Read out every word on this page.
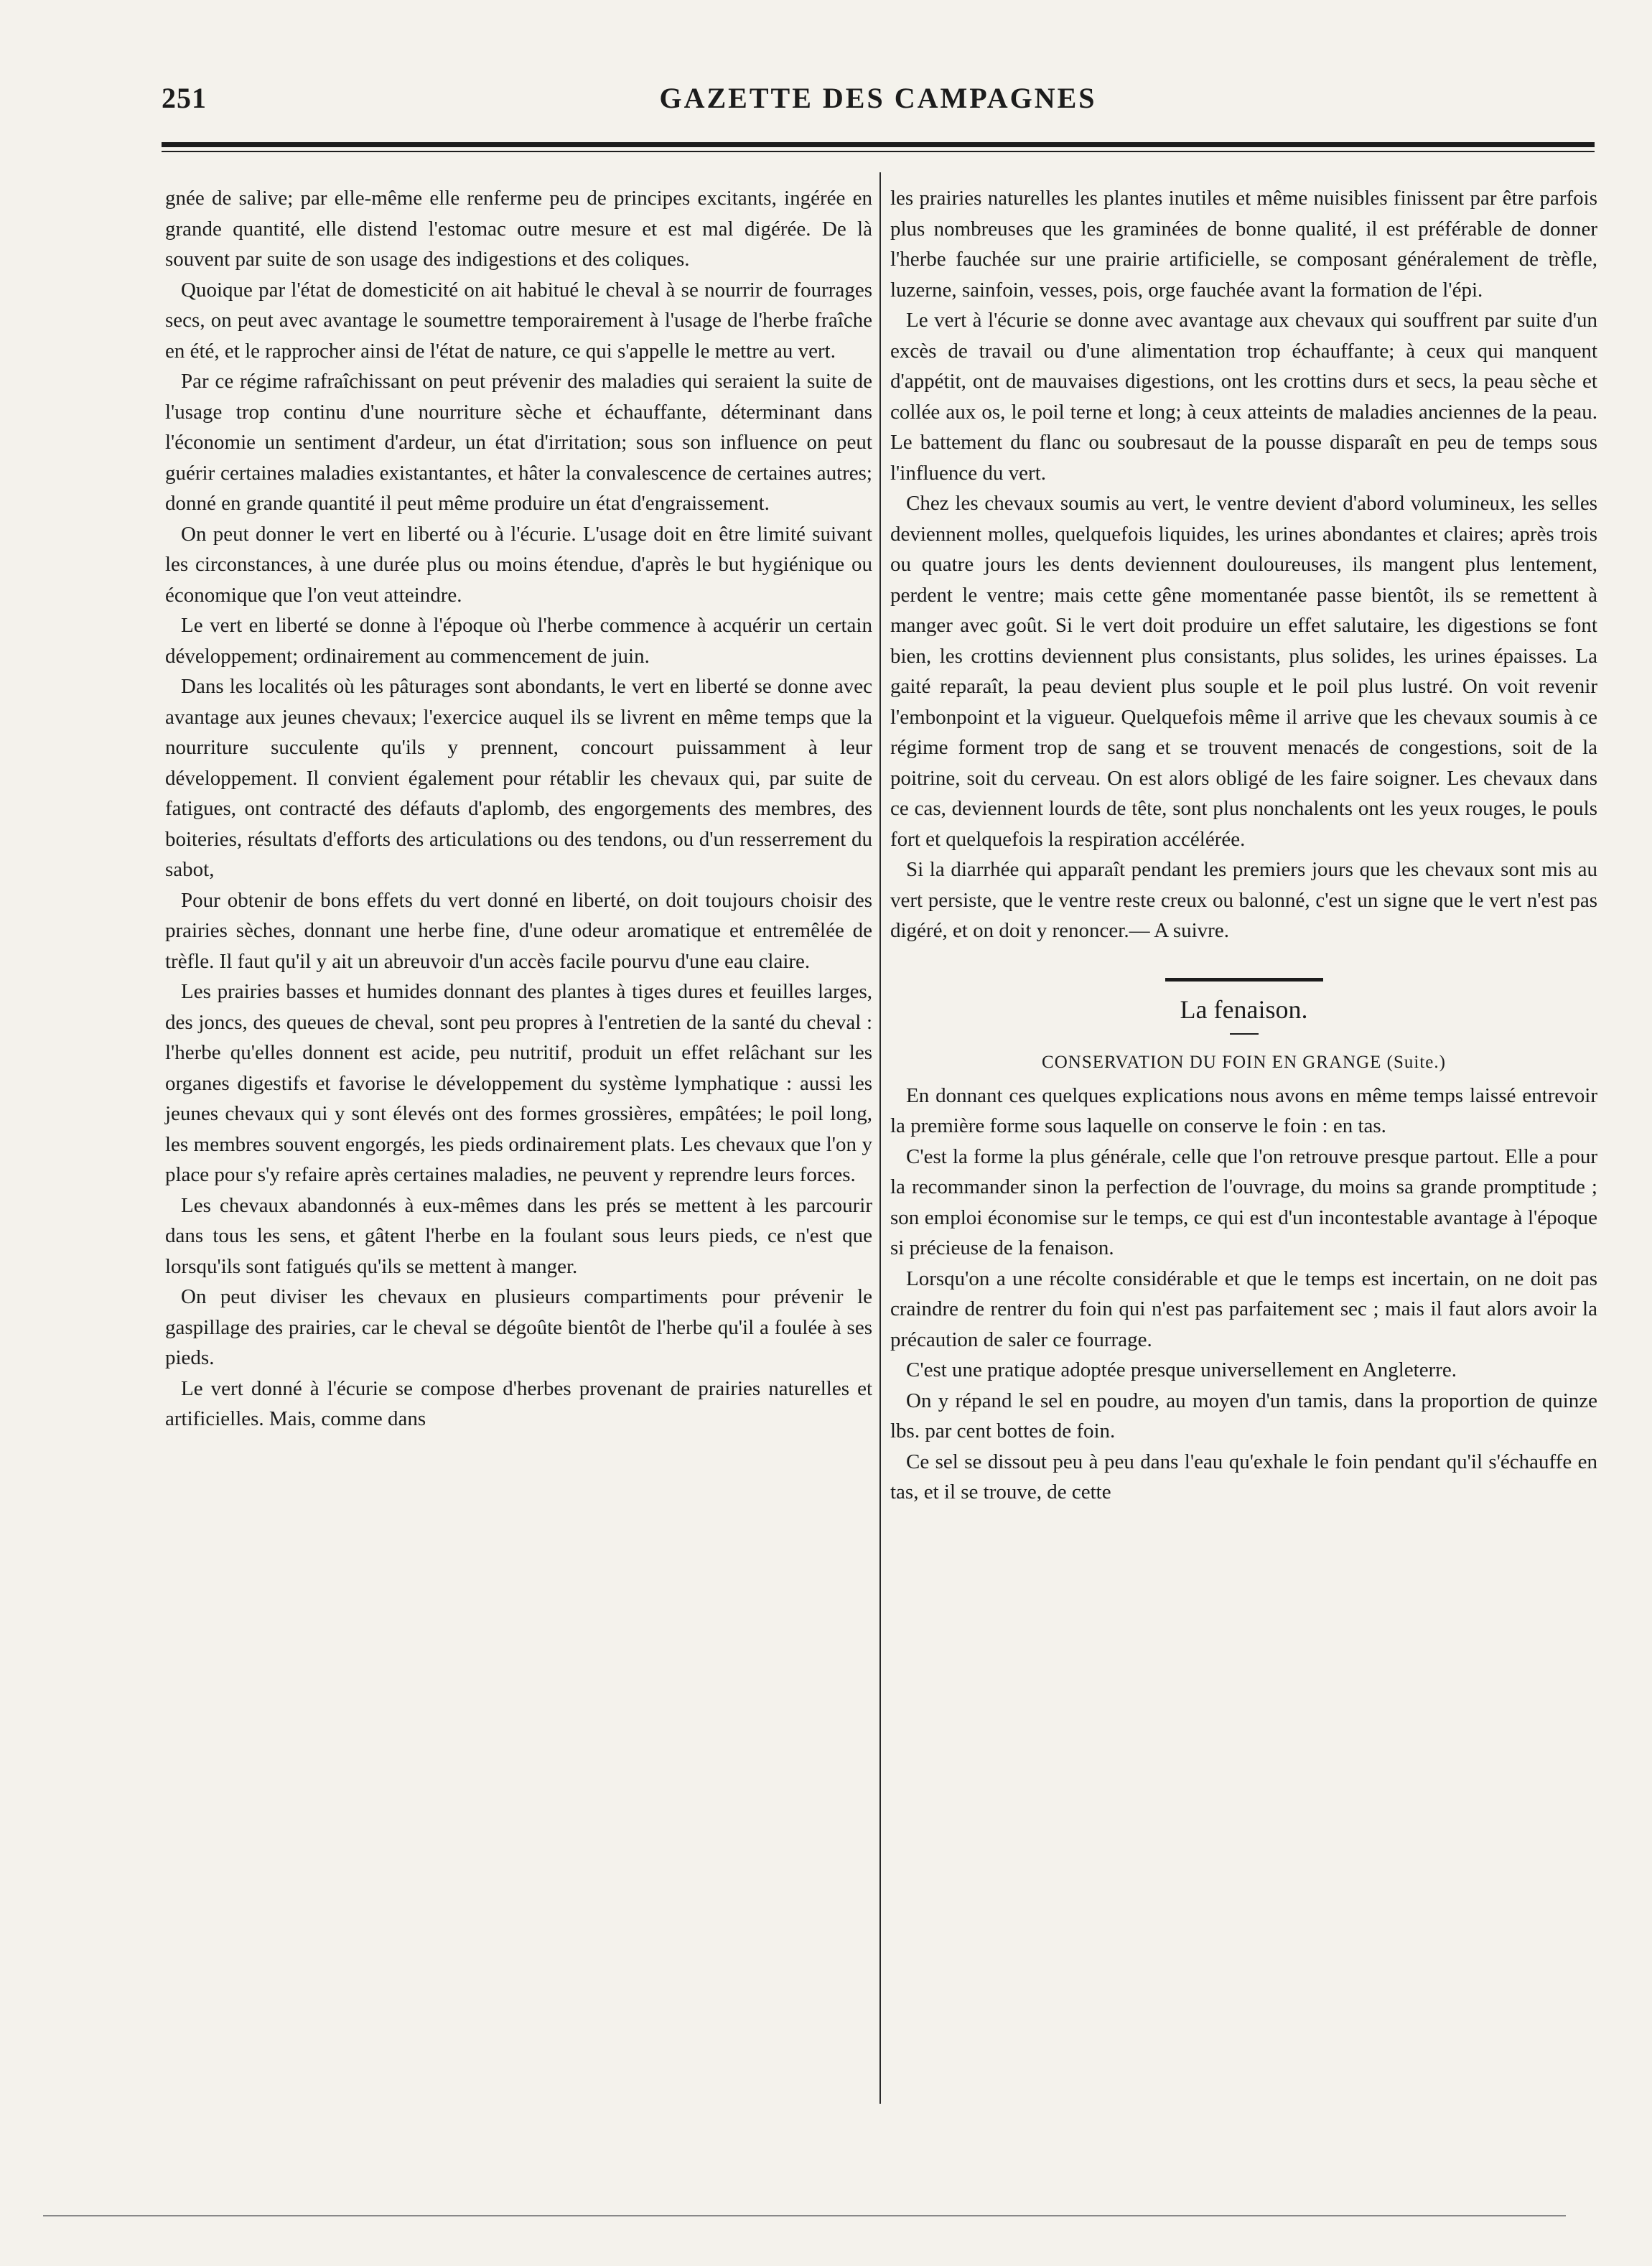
251	GAZETTE DES CAMPAGNES

gnée de salive; par elle-même elle renferme peu de principes excitants, ingérée en grande quantité, elle distend l'estomac outre mesure et est mal digérée. De là souvent par suite de son usage des indigestions et des coliques.

Quoique par l'état de domesticité on ait habitué le cheval à se nourrir de fourrages secs, on peut avec avantage le soumettre temporairement à l'usage de l'herbe fraîche en été, et le rapprocher ainsi de l'état de nature, ce qui s'appelle le mettre au vert.

Par ce régime rafraîchissant on peut prévenir des maladies qui seraient la suite de l'usage trop continu d'une nourriture sèche et échauffante, déterminant dans l'économie un sentiment d'ardeur, un état d'irritation; sous son influence on peut guérir certaines maladies existantantes, et hâter la convalescence de certaines autres; donné en grande quantité il peut même produire un état d'engraissement.

On peut donner le vert en liberté ou à l'écurie. L'usage doit en être limité suivant les circonstances, à une durée plus ou moins étendue, d'après le but hygiénique ou économique que l'on veut atteindre.

Le vert en liberté se donne à l'époque où l'herbe commence à acquérir un certain développement; ordinairement au commencement de juin.

Dans les localités où les pâturages sont abondants, le vert en liberté se donne avec avantage aux jeunes chevaux; l'exercice auquel ils se livrent en même temps que la nourriture succulente qu'ils y prennent, concourt puissamment à leur développement. Il convient également pour rétablir les chevaux qui, par suite de fatigues, ont contracté des défauts d'aplomb, des engorgements des membres, des boiteries, résultats d'efforts des articulations ou des tendons, ou d'un resserrement du sabot,

Pour obtenir de bons effets du vert donné en liberté, on doit toujours choisir des prairies sèches, donnant une herbe fine, d'une odeur aromatique et entremêlée de trèfle. Il faut qu'il y ait un abreuvoir d'un accès facile pourvu d'une eau claire.

Les prairies basses et humides donnant des plantes à tiges dures et feuilles larges, des joncs, des queues de cheval, sont peu propres à l'entretien de la santé du cheval : l'herbe qu'elles donnent est acide, peu nutritif, produit un effet relâchant sur les organes digestifs et favorise le développement du système lymphatique : aussi les jeunes chevaux qui y sont élevés ont des formes grossières, empâtées; le poil long, les membres souvent engorgés, les pieds ordinairement plats. Les chevaux que l'on y place pour s'y refaire après certaines maladies, ne peuvent y reprendre leurs forces.

Les chevaux abandonnés à eux-mêmes dans les prés se mettent à les parcourir dans tous les sens, et gâtent l'herbe en la foulant sous leurs pieds, ce n'est que lorsqu'ils sont fatigués qu'ils se mettent à manger.

On peut diviser les chevaux en plusieurs compartiments pour prévenir le gaspillage des prairies, car le cheval se dégoûte bientôt de l'herbe qu'il a foulée à ses pieds.

Le vert donné à l'écurie se compose d'herbes provenant de prairies naturelles et artificielles. Mais, comme dans

les prairies naturelles les plantes inutiles et même nuisibles finissent par être parfois plus nombreuses que les graminées de bonne qualité, il est préférable de donner l'herbe fauchée sur une prairie artificielle, se composant généralement de trèfle, luzerne, sainfoin, vesses, pois, orge fauchée avant la formation de l'épi.

Le vert à l'écurie se donne avec avantage aux chevaux qui souffrent par suite d'un excès de travail ou d'une alimentation trop échauffante; à ceux qui manquent d'appétit, ont de mauvaises digestions, ont les crottins durs et secs, la peau sèche et collée aux os, le poil terne et long; à ceux atteints de maladies anciennes de la peau. Le battement du flanc ou soubresaut de la pousse disparaît en peu de temps sous l'influence du vert.

Chez les chevaux soumis au vert, le ventre devient d'abord volumineux, les selles deviennent molles, quelquefois liquides, les urines abondantes et claires; après trois ou quatre jours les dents deviennent douloureuses, ils mangent plus lentement, perdent le ventre; mais cette gêne momentanée passe bientôt, ils se remettent à manger avec goût. Si le vert doit produire un effet salutaire, les digestions se font bien, les crottins deviennent plus consistants, plus solides, les urines épaisses. La gaité reparaît, la peau devient plus souple et le poil plus lustré. On voit revenir l'embonpoint et la vigueur. Quelquefois même il arrive que les chevaux soumis à ce régime forment trop de sang et se trouvent menacés de congestions, soit de la poitrine, soit du cerveau. On est alors obligé de les faire soigner. Les chevaux dans ce cas, deviennent lourds de tête, sont plus nonchalents ont les yeux rouges, le pouls fort et quelquefois la respiration accélérée.

Si la diarrhée qui apparaît pendant les premiers jours que les chevaux sont mis au vert persiste, que le ventre reste creux ou balonné, c'est un signe que le vert n'est pas digéré, et on doit y renoncer.— A suivre.

La fenaison.
CONSERVATION DU FOIN EN GRANGE (Suite.)

En donnant ces quelques explications nous avons en même temps laissé entrevoir la première forme sous laquelle on conserve le foin : en tas.

C'est la forme la plus générale, celle que l'on retrouve presque partout. Elle a pour la recommander sinon la perfection de l'ouvrage, du moins sa grande promptitude ; son emploi économise sur le temps, ce qui est d'un incontestable avantage à l'époque si précieuse de la fenaison.

Lorsqu'on a une récolte considérable et que le temps est incertain, on ne doit pas craindre de rentrer du foin qui n'est pas parfaitement sec ; mais il faut alors avoir la précaution de saler ce fourrage.

C'est une pratique adoptée presque universellement en Angleterre.

On y répand le sel en poudre, au moyen d'un tamis, dans la proportion de quinze lbs. par cent bottes de foin.

Ce sel se dissout peu à peu dans l'eau qu'exhale le foin pendant qu'il s'échauffe en tas, et il se trouve, de cette
